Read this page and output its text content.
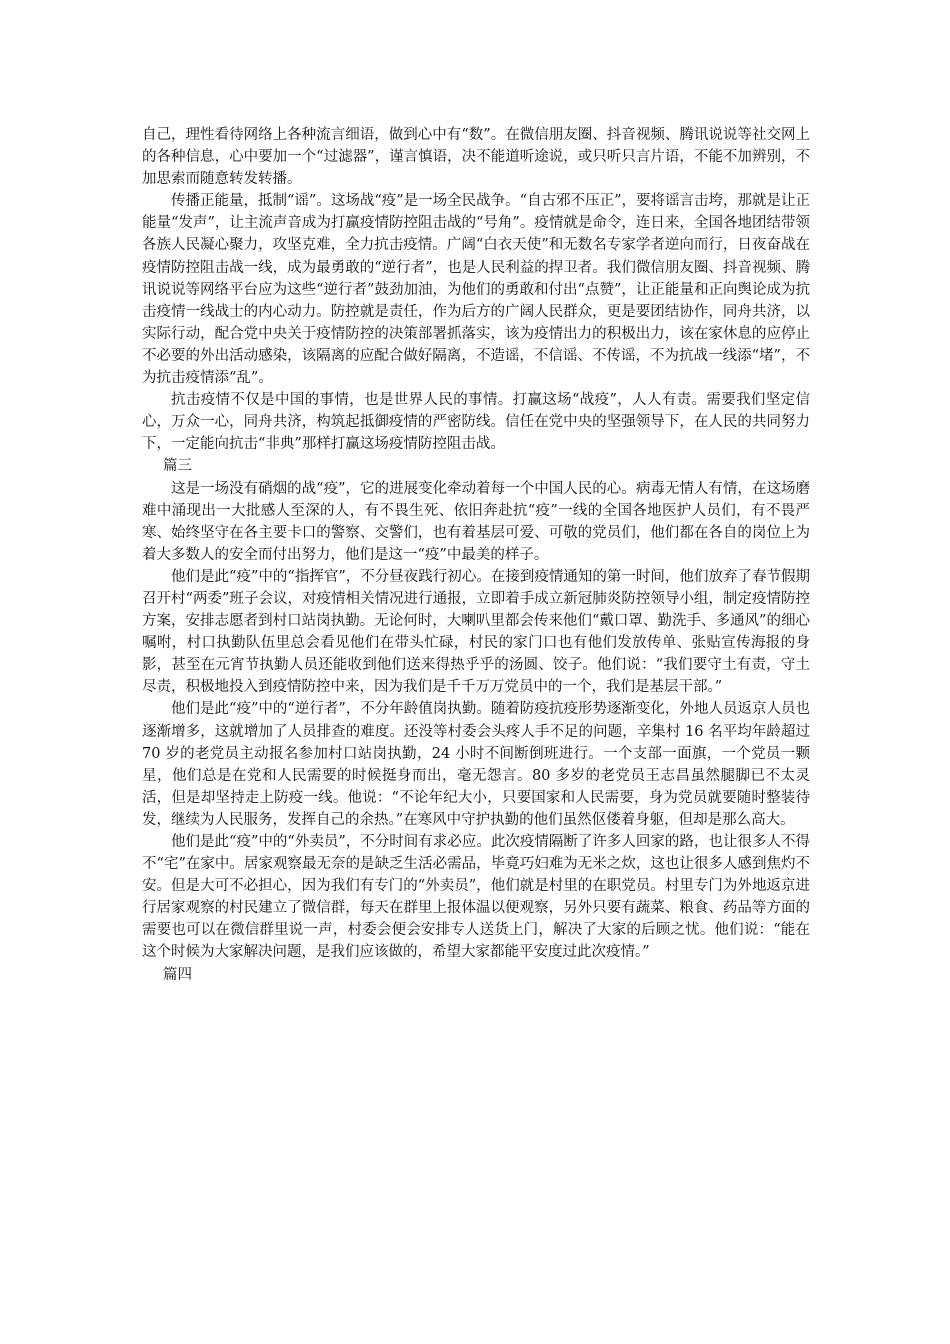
自己，理性看待网络上各种流言细语，做到心中有“数”。在微信朋友圈、抖音视频、腾讯说说等社交网上的各种信息，心中要加一个“过滤器”，谨言慎语，决不能道听途说，或只听只言片语，不能不加辨别，不加思索而随意转发转播。

传播正能量，抵制“谣”。这场战“疫”是一场全民战争。“自古邪不压正”，要将谣言击垮，那就是让正能量“发声”，让主流声音成为打赢疫情防控阻击战的“号角”。疫情就是命令，连日来，全国各地团结带领各族人民凝心聚力，攻坚克难，全力抗击疫情。广阔“白衣天使”和无数名专家学者逆向而行，日夜奋战在疫情防控阻击战一线，成为最勇敢的“逆行者”，也是人民利益的捍卫者。我们微信朋友圈、抖音视频、腾讯说说等网络平台应为这些“逆行者”鼓劲加油，为他们的勇敢和付出“点赞”，让正能量和正向舆论成为抗击疫情一线战士的内心动力。防控就是责任，作为后方的广阔人民群众，更是要团结协作，同舟共济，以实际行动，配合党中央关于疫情防控的决策部署抓落实，该为疫情出力的积极出力，该在家休息的应停止不必要的外出活动感染，该隔离的应配合做好隔离，不造谣，不信谣、不传谣，不为抗战一线添“堵”，不为抗击疫情添“乱”。

抗击疫情不仅是中国的事情，也是世界人民的事情。打赢这场“战疫”，人人有责。需要我们坚定信心，万众一心，同舟共济，构筑起抵御疫情的严密防线。信任在党中央的坚强领导下，在人民的共同努力下，一定能向抗击“非典”那样打赢这场疫情防控阻击战。

篇三

这是一场没有硝烟的战“疫”，它的进展变化牵动着每一个中国人民的心。病毒无情人有情，在这场磨难中涌现出一大批感人至深的人，有不畏生死、依旧奔赴抗“疫”一线的全国各地医护人员们，有不畏严寒、始终坚守在各主要卡口的警察、交警们，也有着基层可爱、可敬的党员们，他们都在各自的岗位上为着大多数人的安全而付出努力，他们是这一“疫”中最美的样子。

他们是此“疫”中的“指挥官”，不分昼夜践行初心。在接到疫情通知的第一时间，他们放弃了春节假期召开村“两委”班子会议，对疫情相关情况进行通报，立即着手成立新冠肺炎防控领导小组，制定疫情防控方案，安排志愿者到村口站岗执勤。无论何时，大喇叭里都会传来他们“戴口罩、勤洗手、多通风”的细心嘱咐，村口执勤队伍里总会看见他们在带头忙碌，村民的家门口也有他们发放传单、张贴宣传海报的身影，甚至在元宵节执勤人员还能收到他们送来得热乎乎的汤圆、饺子。他们说：“我们要守土有责，守土尽责，积极地投入到疫情防控中来，因为我们是千千万万党员中的一个，我们是基层干部。”

他们是此“疫”中的“逆行者”，不分年龄值岗执勤。随着防疫抗疫形势逐渐变化，外地人员返京人员也逐渐增多，这就增加了人员排查的难度。还没等村委会头疼人手不足的问题，辛集村 16 名平均年龄超过 70 岁的老党员主动报名参加村口站岗执勤，24 小时不间断倒班进行。一个支部一面旗，一个党员一颗星，他们总是在党和人民需要的时候挺身而出，毫无怨言。80 多岁的老党员王志昌虽然腿脚已不太灵活，但是却坚持走上防疫一线。他说：“不论年纪大小，只要国家和人民需要，身为党员就要随时整装待发，继续为人民服务，发挥自己的余热。”在寒风中守护执勤的他们虽然伛偻着身躯，但却是那么高大。

他们是此“疫”中的“外卖员”，不分时间有求必应。此次疫情隔断了许多人回家的路，也让很多人不得不“宅”在家中。居家观察最无奈的是缺乏生活必需品，毕竟巧妇难为无米之炊，这也让很多人感到焦灼不安。但是大可不必担心，因为我们有专门的“外卖员”，他们就是村里的在职党员。村里专门为外地返京进行居家观察的村民建立了微信群，每天在群里上报体温以便观察，另外只要有蔬菜、粮食、药品等方面的需要也可以在微信群里说一声，村委会便会安排专人送货上门，解决了大家的后顾之忧。他们说：“能在这个时候为大家解决问题，是我们应该做的，希望大家都能平安度过此次疫情。”

篇四
